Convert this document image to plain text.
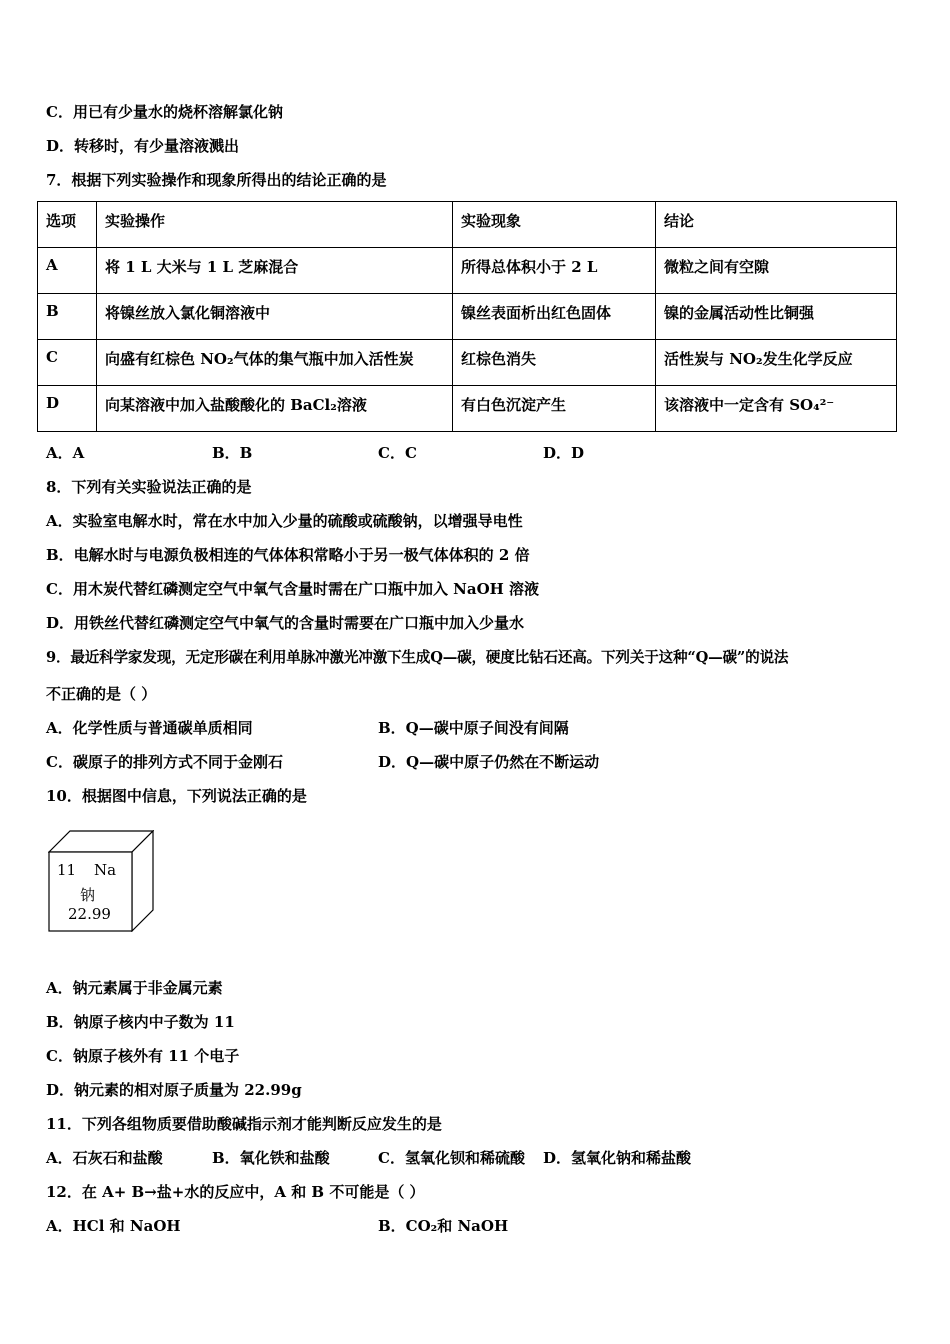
C．用已有少量水的烧杯溶解氯化钠
D．转移时，有少量溶液溅出
7．根据下列实验操作和现象所得出的结论正确的是
选项	实验操作	实验现象	结论
A	将 1 L 大米与 1 L 芝麻混合	所得总体积小于 2 L	微粒之间有空隙
B	将镍丝放入氯化铜溶液中	镍丝表面析出红色固体	镍的金属活动性比铜强
C	向盛有红棕色 NO₂气体的集气瓶中加入活性炭	红棕色消失	活性炭与 NO₂发生化学反应
D	向某溶液中加入盐酸酸化的 BaCl₂溶液	有白色沉淀产生	该溶液中一定含有 SO₄²⁻
A．A	B．B	C．C	D．D
8．下列有关实验说法正确的是
A．实验室电解水时，常在水中加入少量的硫酸或硫酸钠，以增强导电性
B．电解水时与电源负极相连的气体体积常略小于另一极气体体积的 2 倍
C．用木炭代替红磷测定空气中氧气含量时需在广口瓶中加入 NaOH 溶液
D．用铁丝代替红磷测定空气中氧气的含量时需要在广口瓶中加入少量水
9．最近科学家发现，无定形碳在利用单脉冲激光冲激下生成Q—碳，硬度比钻石还高。下列关于这种“Q—碳”的说法
不正确的是（ ）
A．化学性质与普通碳单质相同	B．Q—碳中原子间没有间隔
C．碳原子的排列方式不同于金刚石	D．Q—碳中原子仍然在不断运动
10．根据图中信息，下列说法正确的是
11 Na
钠
22.99
A．钠元素属于非金属元素
B．钠原子核内中子数为 11
C．钠原子核外有 11 个电子
D．钠元素的相对原子质量为 22.99g
11．下列各组物质要借助酸碱指示剂才能判断反应发生的是
A．石灰石和盐酸	B．氧化铁和盐酸	C．氢氧化钡和稀硫酸 D．氢氧化钠和稀盐酸
12．在 A+ B→盐+水的反应中，A 和 B 不可能是（ ）
A．HCl 和 NaOH	B．CO₂和 NaOH
